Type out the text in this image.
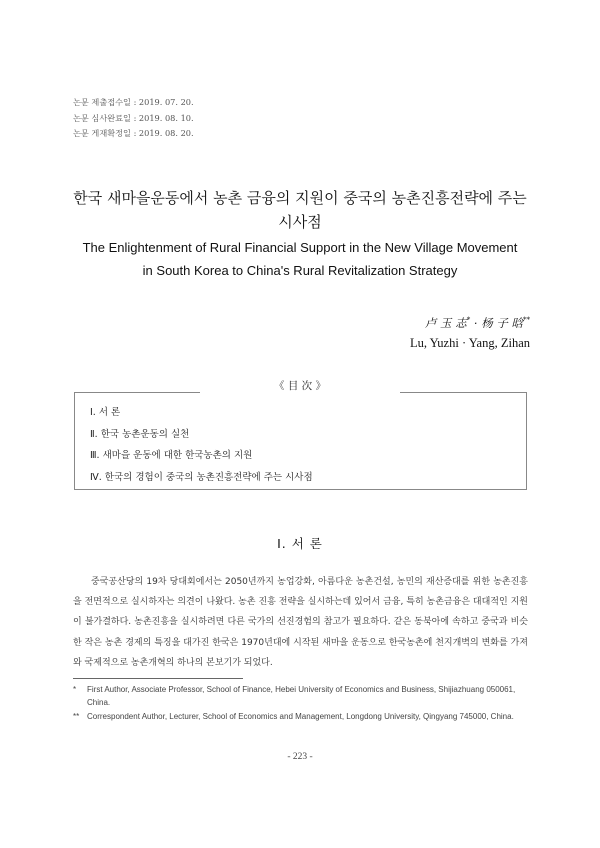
논문 제출접수일 : 2019. 07. 20.
논문 심사완료일 : 2019. 08. 10.
논문 게재확정일 : 2019. 08. 20.
한국 새마을운동에서 농촌 금융의 지원이 중국의 농촌진흥전략에 주는
시사점
The Enlightenment of Rural Financial Support in the New Village Movement
in South Korea to China's Rural Revitalization Strategy
卢 玉 志* · 杨 子 晗**
Lu, Yuzhi · Yang, Zihan
《 目 次 》
Ⅰ. 서 론
Ⅱ. 한국 농촌운동의 실천
Ⅲ. 새마을 운동에 대한 한국농촌의 지원
Ⅳ. 한국의 경험이 중국의 농촌진흥전략에 주는 시사점
Ⅰ. 서 론
중국공산당의 19차 당대회에서는 2050년까지 농업강화, 아름다운 농촌건설, 농민의 재산증대를 위한 농촌진흥을 전면적으로 실시하자는 의견이 나왔다. 농촌 진흥 전략을 실시하는데 있어서 금융, 특히 농촌금융은 대대적인 지원이 불가결하다. 농촌진흥을 실시하려면 다른 국가의 선진경험의 참고가 필요하다. 같은 동북아에 속하고 중국과 비슷한 작은 농촌 경제의 특징을 대가진 한국은 1970년대에 시작된 새마을 운동으로 한국농촌에 천지개벽의 변화를 가져와 국제적으로 농촌개혁의 하나의 본보기가 되었다.
* First Author, Associate Professor, School of Finance, Hebei University of Economics and Business, Shijiazhuang 050061, China.
** Correspondent Author, Lecturer, School of Economics and Management, Longdong University, Qingyang 745000, China.
- 223 -
